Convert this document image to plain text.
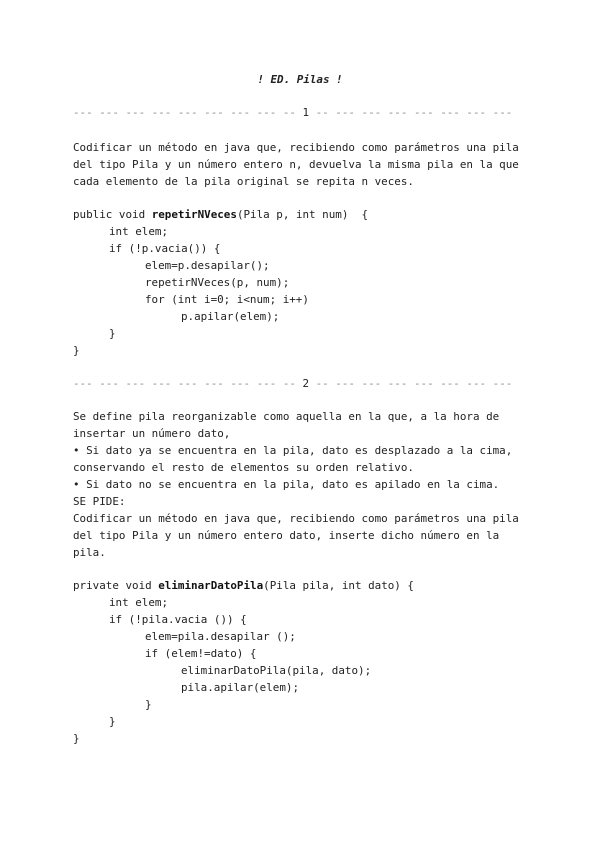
! ED. Pilas !
--- --- --- --- --- --- --- --- -- 1 -- --- --- --- --- --- --- ---
Codificar un método en java que, recibiendo como parámetros una pila
del tipo Pila y un número entero n, devuelva la misma pila en la que
cada elemento de la pila original se repita n veces.
public void repetirNVeces(Pila p, int num)  {
int elem;
if (!p.vacia()) {
elem=p.desapilar();
repetirNVeces(p, num);
for (int i=0; i<num; i++)
p.apilar(elem);
}
}
--- --- --- --- --- --- --- --- -- 2 -- --- --- --- --- --- --- ---
Se define pila reorganizable como aquella en la que, a la hora de
insertar un número dato,
• Si dato ya se encuentra en la pila, dato es desplazado a la cima,
conservando el resto de elementos su orden relativo.
• Si dato no se encuentra en la pila, dato es apilado en la cima.
SE PIDE:
Codificar un método en java que, recibiendo como parámetros una pila
del tipo Pila y un número entero dato, inserte dicho número en la
pila.
private void eliminarDatoPila(Pila pila, int dato) {
int elem;
if (!pila.vacia ()) {
elem=pila.desapilar ();
if (elem!=dato) {
eliminarDatoPila(pila, dato);
pila.apilar(elem);
}
}
}
